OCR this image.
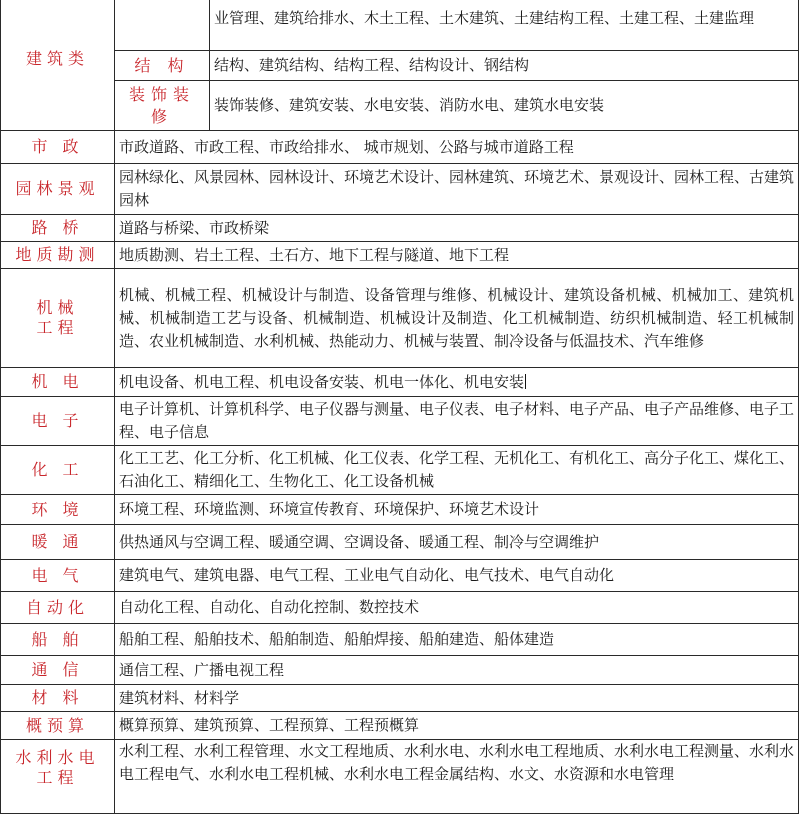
建筑类		业管理、建筑给排水、木土工程、土木建筑、土建结构工程、土建工程、土建监理
	结 构	结构、建筑结构、结构工程、结构设计、钢结构
	装饰装修	装饰装修、建筑安装、水电安装、消防水电、建筑水电安装
市 政	市政道路、市政工程、市政给排水、 城市规划、公路与城市道路工程	
园林景观	园林绿化、风景园林、园林设计、环境艺术设计、园林建筑、环境艺术、景观设计、园林工程、古建筑园林	
路 桥	道路与桥梁、市政桥梁	
地质勘测	地质勘测、岩土工程、土石方、地下工程与隧道、地下工程	
机械工程	机械、机械工程、机械设计与制造、设备管理与维修、机械设计、建筑设备机械、机械加工、建筑机械、机械制造工艺与设备、机械制造、机械设计及制造、化工机械制造、纺织机械制造、轻工机械制造、农业机械制造、水利机械、热能动力、机械与装置、制冷设备与低温技术、汽车维修	
机 电	机电设备、机电工程、机电设备安装、机电一体化、机电安装	
电 子	电子计算机、计算机科学、电子仪器与测量、电子仪表、电子材料、电子产品、电子产品维修、电子工程、电子信息	
化 工	化工工艺、化工分析、化工机械、化工仪表、化学工程、无机化工、有机化工、高分子化工、煤化工、石油化工、精细化工、生物化工、化工设备机械	
环 境	环境工程、环境监测、环境宣传教育、环境保护、环境艺术设计	
暖 通	供热通风与空调工程、暖通空调、空调设备、暖通工程、制冷与空调维护	
电 气	建筑电气、建筑电器、电气工程、工业电气自动化、电气技术、电气自动化	
自动化	自动化工程、自动化、自动化控制、数控技术	
船 舶	船舶工程、船舶技术、船舶制造、船舶焊接、船舶建造、船体建造	
通 信	通信工程、广播电视工程	
材 料	建筑材料、材料学	
概预算	概算预算、建筑预算、工程预算、工程预概算	
水利水电工程	水利工程、水利工程管理、水文工程地质、水利水电、水利水电工程地质、水利水电工程测量、水利水电工程电气、水利水电工程机械、水利水电工程金属结构、水文、水资源和水电管理	
